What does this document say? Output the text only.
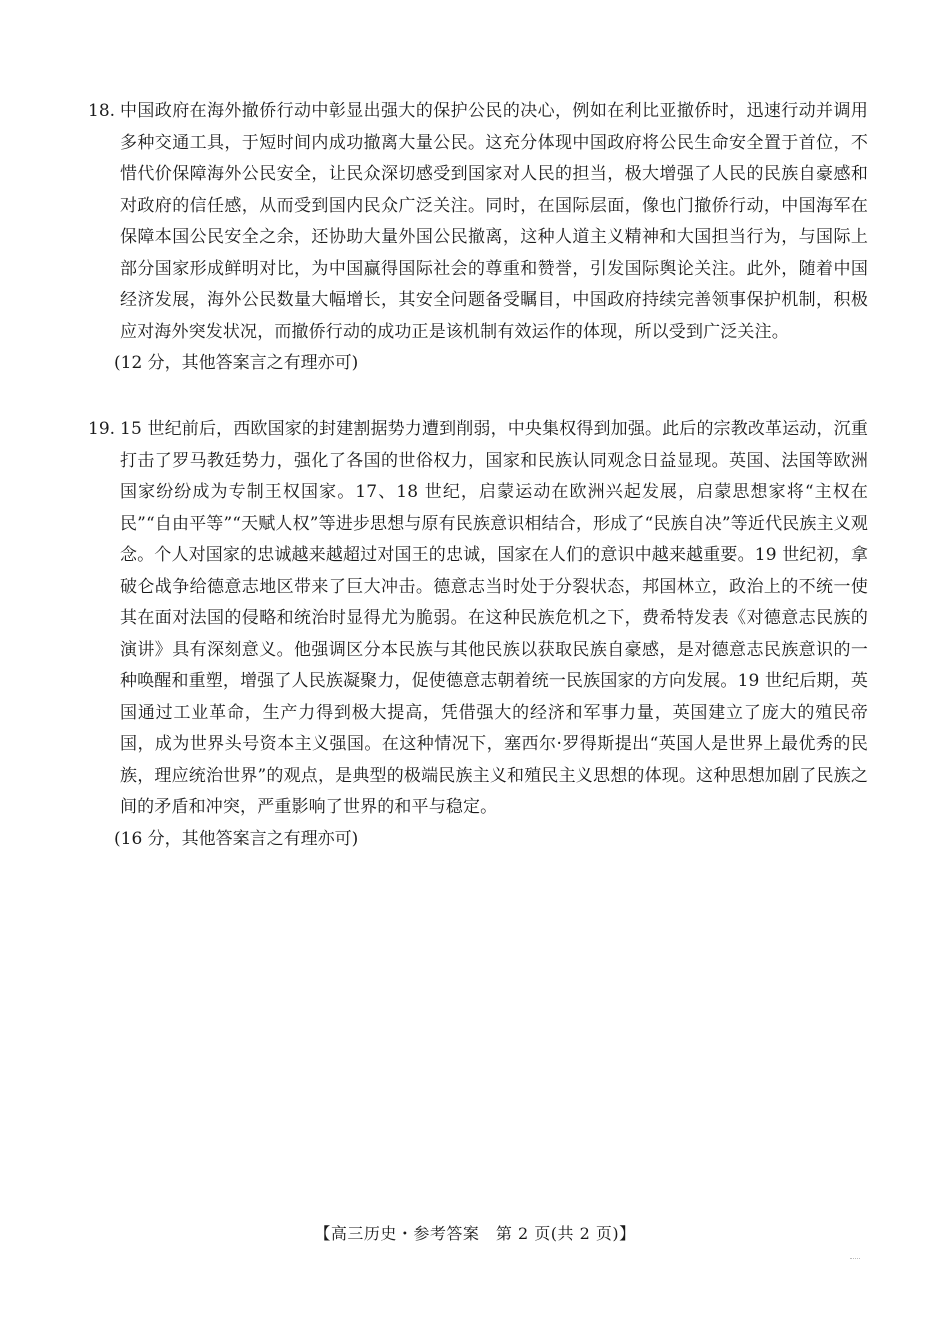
18. 中国政府在海外撤侨行动中彰显出强大的保护公民的决心，例如在利比亚撤侨时，迅速行动并调用多种交通工具，于短时间内成功撤离大量公民。这充分体现中国政府将公民生命安全置于首位，不惜代价保障海外公民安全，让民众深切感受到国家对人民的担当，极大增强了人民的民族自豪感和对政府的信任感，从而受到国内民众广泛关注。同时，在国际层面，像也门撤侨行动，中国海军在保障本国公民安全之余，还协助大量外国公民撤离，这种人道主义精神和大国担当行为，与国际上部分国家形成鲜明对比，为中国赢得国际社会的尊重和赞誉，引发国际舆论关注。此外，随着中国经济发展，海外公民数量大幅增长，其安全问题备受瞩目，中国政府持续完善领事保护机制，积极应对海外突发状况，而撤侨行动的成功正是该机制有效运作的体现，所以受到广泛关注。

(12 分，其他答案言之有理亦可)

19. 15 世纪前后，西欧国家的封建割据势力遭到削弱，中央集权得到加强。此后的宗教改革运动，沉重打击了罗马教廷势力，强化了各国的世俗权力，国家和民族认同观念日益显现。英国、法国等欧洲国家纷纷成为专制王权国家。17、18 世纪，启蒙运动在欧洲兴起发展，启蒙思想家将“主权在民”“自由平等”“天赋人权”等进步思想与原有民族意识相结合，形成了“民族自决”等近代民族主义观念。个人对国家的忠诚越来越超过对国王的忠诚，国家在人们的意识中越来越重要。19 世纪初，拿破仑战争给德意志地区带来了巨大冲击。德意志当时处于分裂状态，邦国林立，政治上的不统一使其在面对法国的侵略和统治时显得尤为脆弱。在这种民族危机之下，费希特发表《对德意志民族的演讲》具有深刻意义。他强调区分本民族与其他民族以获取民族自豪感，是对德意志民族意识的一种唤醒和重塑，增强了人民族凝聚力，促使德意志朝着统一民族国家的方向发展。19 世纪后期，英国通过工业革命，生产力得到极大提高，凭借强大的经济和军事力量，英国建立了庞大的殖民帝国，成为世界头号资本主义强国。在这种情况下，塞西尔·罗得斯提出“英国人是世界上最优秀的民族，理应统治世界”的观点，是典型的极端民族主义和殖民主义思想的体现。这种思想加剧了民族之间的矛盾和冲突，严重影响了世界的和平与稳定。

(16 分，其他答案言之有理亦可)

【高三历史・参考答案　第 2 页(共 2 页)】
